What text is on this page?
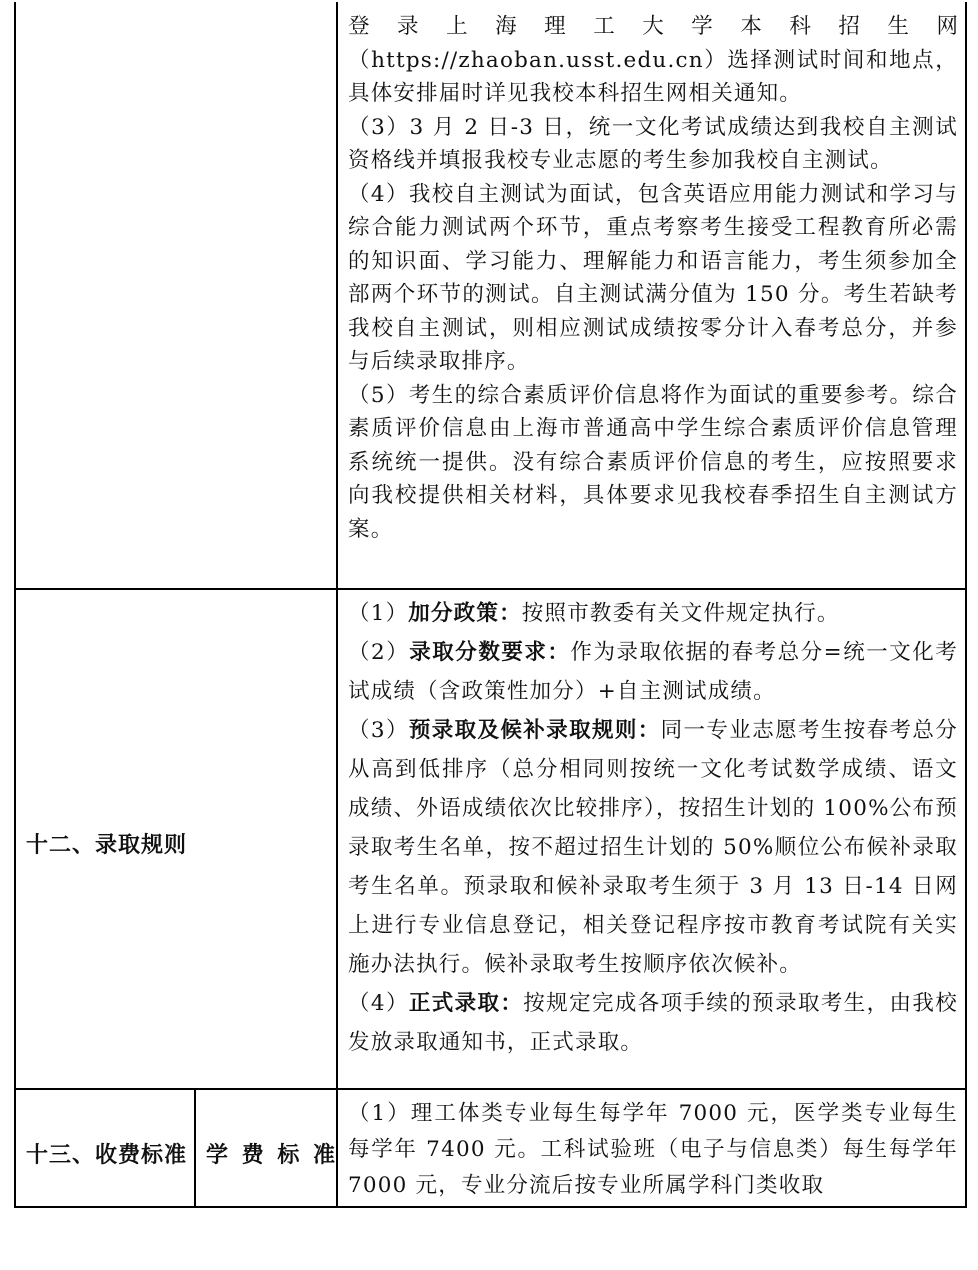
登 录 上 海 理 工 大 学 本 科 招 生 网

（https://zhaoban.usst.edu.cn）选择测试时间和地点，具体安排届时详见我校本科招生网相关通知。

（3）3 月 2 日-3 日，统一文化考试成绩达到我校自主测试资格线并填报我校专业志愿的考生参加我校自主测试。

（4）我校自主测试为面试，包含英语应用能力测试和学习与综合能力测试两个环节，重点考察考生接受工程教育所必需的知识面、学习能力、理解能力和语言能力，考生须参加全部两个环节的测试。自主测试满分值为 150 分。考生若缺考我校自主测试，则相应测试成绩按零分计入春考总分，并参与后续录取排序。

（5）考生的综合素质评价信息将作为面试的重要参考。综合素质评价信息由上海市普通高中学生综合素质评价信息管理系统统一提供。没有综合素质评价信息的考生，应按照要求向我校提供相关材料，具体要求见我校春季招生自主测试方案。

十二、录取规则

（1）加分政策：按照市教委有关文件规定执行。

（2）录取分数要求：作为录取依据的春考总分=统一文化考试成绩（含政策性加分）+自主测试成绩。

（3）预录取及候补录取规则：同一专业志愿考生按春考总分从高到低排序（总分相同则按统一文化考试数学成绩、语文成绩、外语成绩依次比较排序），按招生计划的 100%公布预录取考生名单，按不超过招生计划的 50%顺位公布候补录取考生名单。预录取和候补录取考生须于 3 月 13 日-14 日网上进行专业信息登记，相关登记程序按市教育考试院有关实施办法执行。候补录取考生按顺序依次候补。

（4）正式录取：按规定完成各项手续的预录取考生，由我校发放录取通知书，正式录取。

十三、收费标准 学 费 标 准

（1）理工体类专业每生每学年 7000 元，医学类专业每生每学年 7400 元。工科试验班（电子与信息类）每生每学年 7000 元，专业分流后按专业所属学科门类收取
